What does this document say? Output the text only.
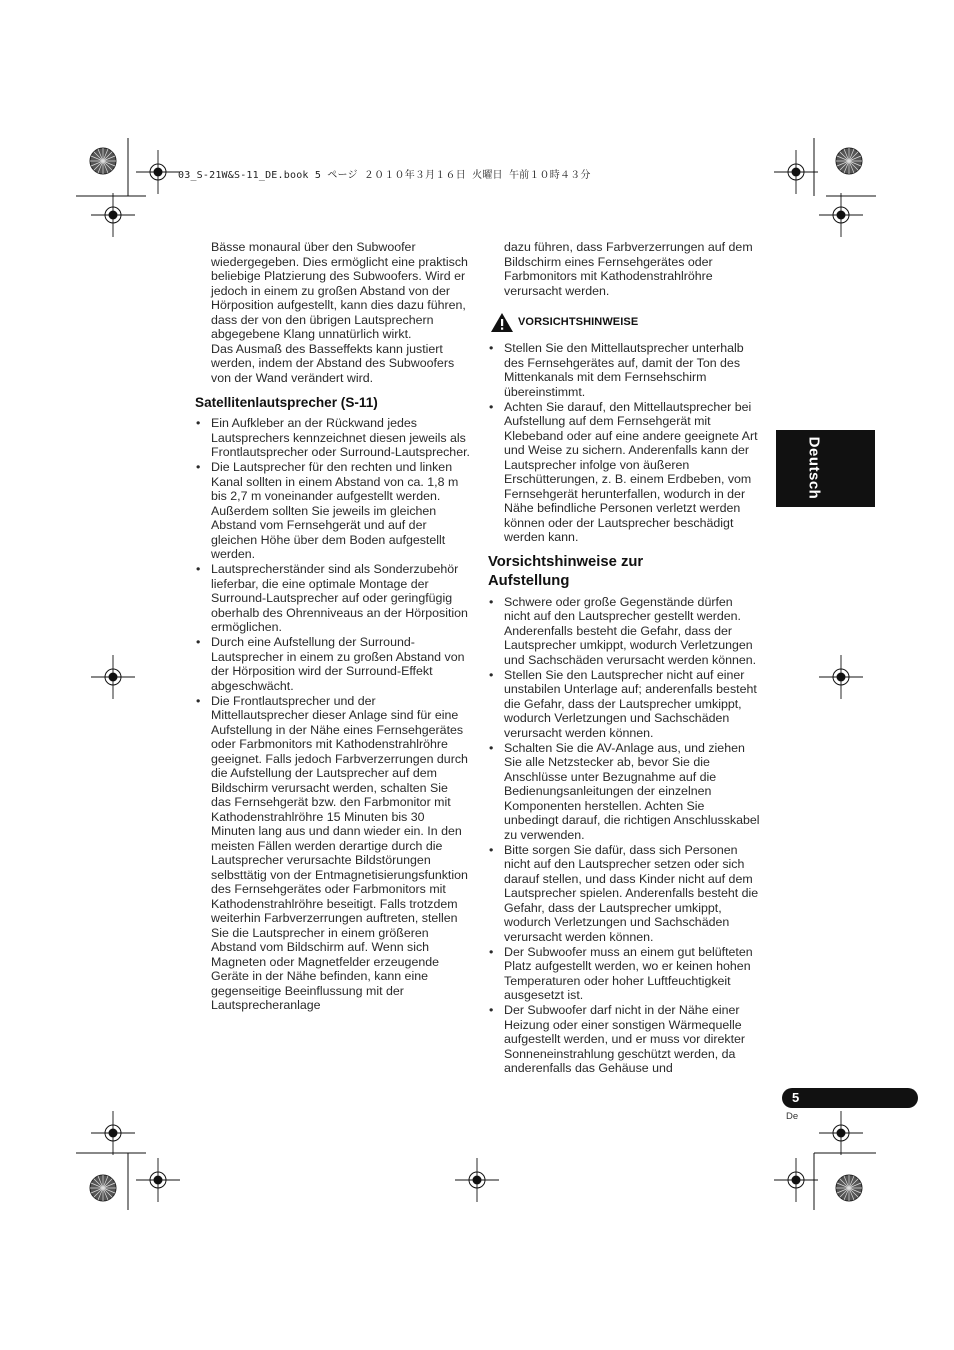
03_S-21W&S-11_DE.book 5 ページ ２０１０年３月１６日 火曜日 午前１０時４３分

Bässe monaural über den Subwoofer wiedergegeben. Dies ermöglicht eine praktisch beliebige Platzierung des Subwoofers. Wird er jedoch in einem zu großen Abstand von der Hörposition aufgestellt, kann dies dazu führen, dass der von den übrigen Lautsprechern abgegebene Klang unnatürlich wirkt.

Das Ausmaß des Basseffekts kann justiert werden, indem der Abstand des Subwoofers von der Wand verändert wird.

Satellitenlautsprecher (S-11)
• Ein Aufkleber an der Rückwand jedes Lautsprechers kennzeichnet diesen jeweils als Frontlautsprecher oder Surround-Lautsprecher.
• Die Lautsprecher für den rechten und linken Kanal sollten in einem Abstand von ca. 1,8 m bis 2,7 m voneinander aufgestellt werden. Außerdem sollten Sie jeweils im gleichen Abstand vom Fernsehgerät und auf der gleichen Höhe über dem Boden aufgestellt werden.
• Lautsprecherständer sind als Sonderzubehör lieferbar, die eine optimale Montage der Surround-Lautsprecher auf oder geringfügig oberhalb des Ohrenniveaus an der Hörposition ermöglichen.
• Durch eine Aufstellung der Surround-Lautsprecher in einem zu großen Abstand von der Hörposition wird der Surround-Effekt abgeschwächt.
• Die Frontlautsprecher und der Mittellautsprecher dieser Anlage sind für eine Aufstellung in der Nähe eines Fernsehgerätes oder Farbmonitors mit Kathodenstrahlröhre geeignet. Falls jedoch Farbverzerrungen durch die Aufstellung der Lautsprecher auf dem Bildschirm verursacht werden, schalten Sie das Fernsehgerät bzw. den Farbmonitor mit Kathodenstrahlröhre 15 Minuten bis 30 Minuten lang aus und dann wieder ein. In den meisten Fällen werden derartige durch die Lautsprecher verursachte Bildstörungen selbsttätig von der Entmagnetisierungsfunktion des Fernsehgerätes oder Farbmonitors mit Kathodenstrahlröhre beseitigt. Falls trotzdem weiterhin Farbverzerrungen auftreten, stellen Sie die Lautsprecher in einem größeren Abstand vom Bildschirm auf. Wenn sich Magneten oder Magnetfelder erzeugende Geräte in der Nähe befinden, kann eine gegenseitige Beeinflussung mit der Lautsprecheranlage

dazu führen, dass Farbverzerrungen auf dem Bildschirm eines Fernsehgerätes oder Farbmonitors mit Kathodenstrahlröhre verursacht werden.

VORSICHTSHINWEISE
• Stellen Sie den Mittellautsprecher unterhalb des Fernsehgerätes auf, damit der Ton des Mittenkanals mit dem Fernsehschirm übereinstimmt.
• Achten Sie darauf, den Mittellautsprecher bei Aufstellung auf dem Fernsehgerät mit Klebeband oder auf eine andere geeignete Art und Weise zu sichern. Anderenfalls kann der Lautsprecher infolge von äußeren Erschütterungen, z. B. einem Erdbeben, vom Fernsehgerät herunterfallen, wodurch in der Nähe befindliche Personen verletzt werden können oder der Lautsprecher beschädigt werden kann.
Vorsichtshinweise zur
Aufstellung
• Schwere oder große Gegenstände dürfen nicht auf den Lautsprecher gestellt werden. Anderenfalls besteht die Gefahr, dass der Lautsprecher umkippt, wodurch Verletzungen und Sachschäden verursacht werden können.
• Stellen Sie den Lautsprecher nicht auf einer unstabilen Unterlage auf; anderenfalls besteht die Gefahr, dass der Lautsprecher umkippt, wodurch Verletzungen und Sachschäden verursacht werden können.
• Schalten Sie die AV-Anlage aus, und ziehen Sie alle Netzstecker ab, bevor Sie die Anschlüsse unter Bezugnahme auf die Bedienungsanleitungen der einzelnen Komponenten herstellen. Achten Sie unbedingt darauf, die richtigen Anschlusskabel zu verwenden.
• Bitte sorgen Sie dafür, dass sich Personen nicht auf den Lautsprecher setzen oder sich darauf stellen, und dass Kinder nicht auf dem Lautsprecher spielen. Anderenfalls besteht die Gefahr, dass der Lautsprecher umkippt, wodurch Verletzungen und Sachschäden verursacht werden können.
• Der Subwoofer muss an einem gut belüfteten Platz aufgestellt werden, wo er keinen hohen Temperaturen oder hoher Luftfeuchtigkeit ausgesetzt ist.
• Der Subwoofer darf nicht in der Nähe einer Heizung oder einer sonstigen Wärmequelle aufgestellt werden, und er muss vor direkter Sonneneinstrahlung geschützt werden, da anderenfalls das Gehäuse und
Deutsch
5
De
